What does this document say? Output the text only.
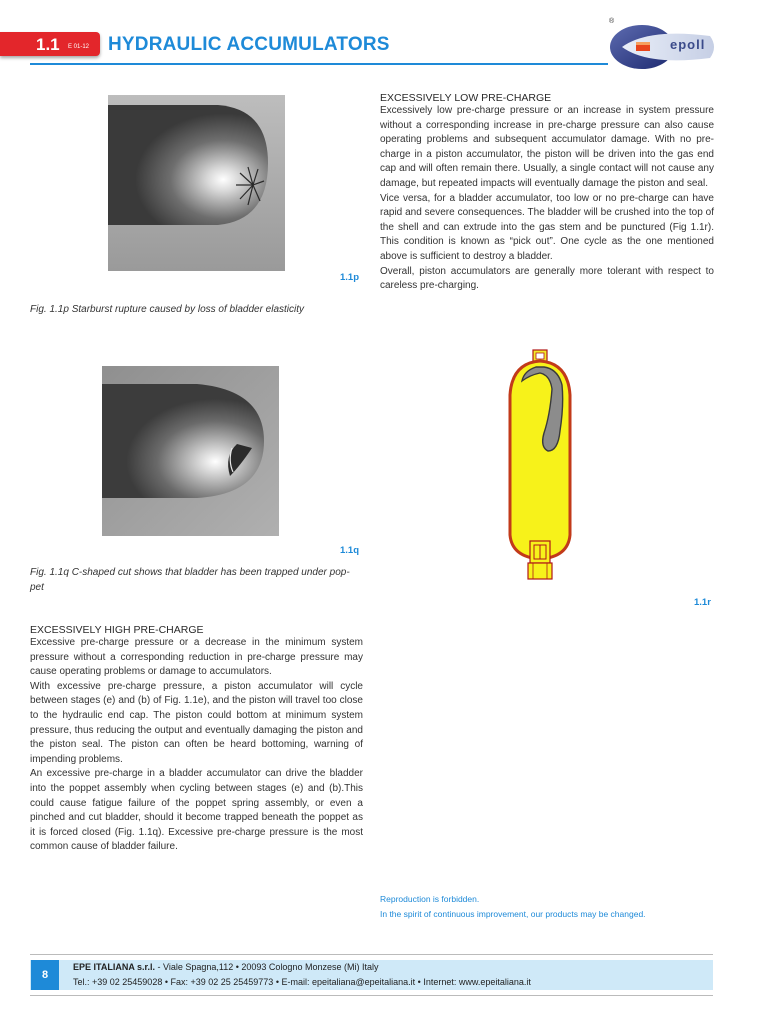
1.1 E 01-12 HYDRAULIC ACCUMULATORS
®
epoll
1.1p
Fig. 1.1p Starburst rupture caused by loss of bladder elasticity
1.1q
Fig. 1.1q C-shaped cut shows that bladder has been trapped under pop-
pet
EXCESSIVELY HIGH PRE-CHARGE

Excessive pre-charge pressure or a decrease in the minimum system pressure without a corresponding reduction in pre-charge pressure may cause operating problems or damage to accumulators.

With excessive pre-charge pressure, a piston accumulator will cycle between stages (e) and (b) of Fig. 1.1e), and the piston will travel too close to the hydraulic end cap. The piston could bottom at minimum system pressure, thus reducing the output and eventually damaging the piston and the piston seal. The piston can often be heard bottoming, warning of impending problems.

An excessive pre-charge in a bladder accumulator can drive the bladder into the poppet assembly when cycling between stages (e) and (b).This could cause fatigue failure of the poppet spring assembly, or even a pinched and cut bladder, should it become trapped beneath the poppet as it is forced closed (Fig. 1.1q). Excessive pre-charge pressure is the most common cause of bladder failure.

EXCESSIVELY LOW PRE-CHARGE

Excessively low pre-charge pressure or an increase in system pressure without a corresponding increase in pre-charge pressure can also cause operating problems and subsequent accumulator damage. With no pre-charge in a piston accumulator, the piston will be driven into the gas end cap and will often remain there. Usually, a single contact will not cause any damage, but repeated impacts will eventually damage the piston and seal.

Vice versa, for a bladder accumulator, too low or no pre-charge can have rapid and severe consequences. The bladder will be crushed into the top of the shell and can extrude into the gas stem and be punctured (Fig 1.1r). This condition is known as “pick out”. One cycle as the one mentioned above is sufficient to destroy a bladder.

Overall, piston accumulators are generally more tolerant with respect to careless pre-charging.

1.1r
Reproduction is forbidden.
In the spirit of continuous improvement, our products may be changed.
8
EPE ITALIANA s.r.l. - Viale Spagna,112 • 20093 Cologno Monzese (Mi) Italy
Tel.: +39 02 25459028 • Fax: +39 02 25 25459773 • E-mail: epeitaliana@epeitaliana.it • Internet: www.epeitaliana.it
